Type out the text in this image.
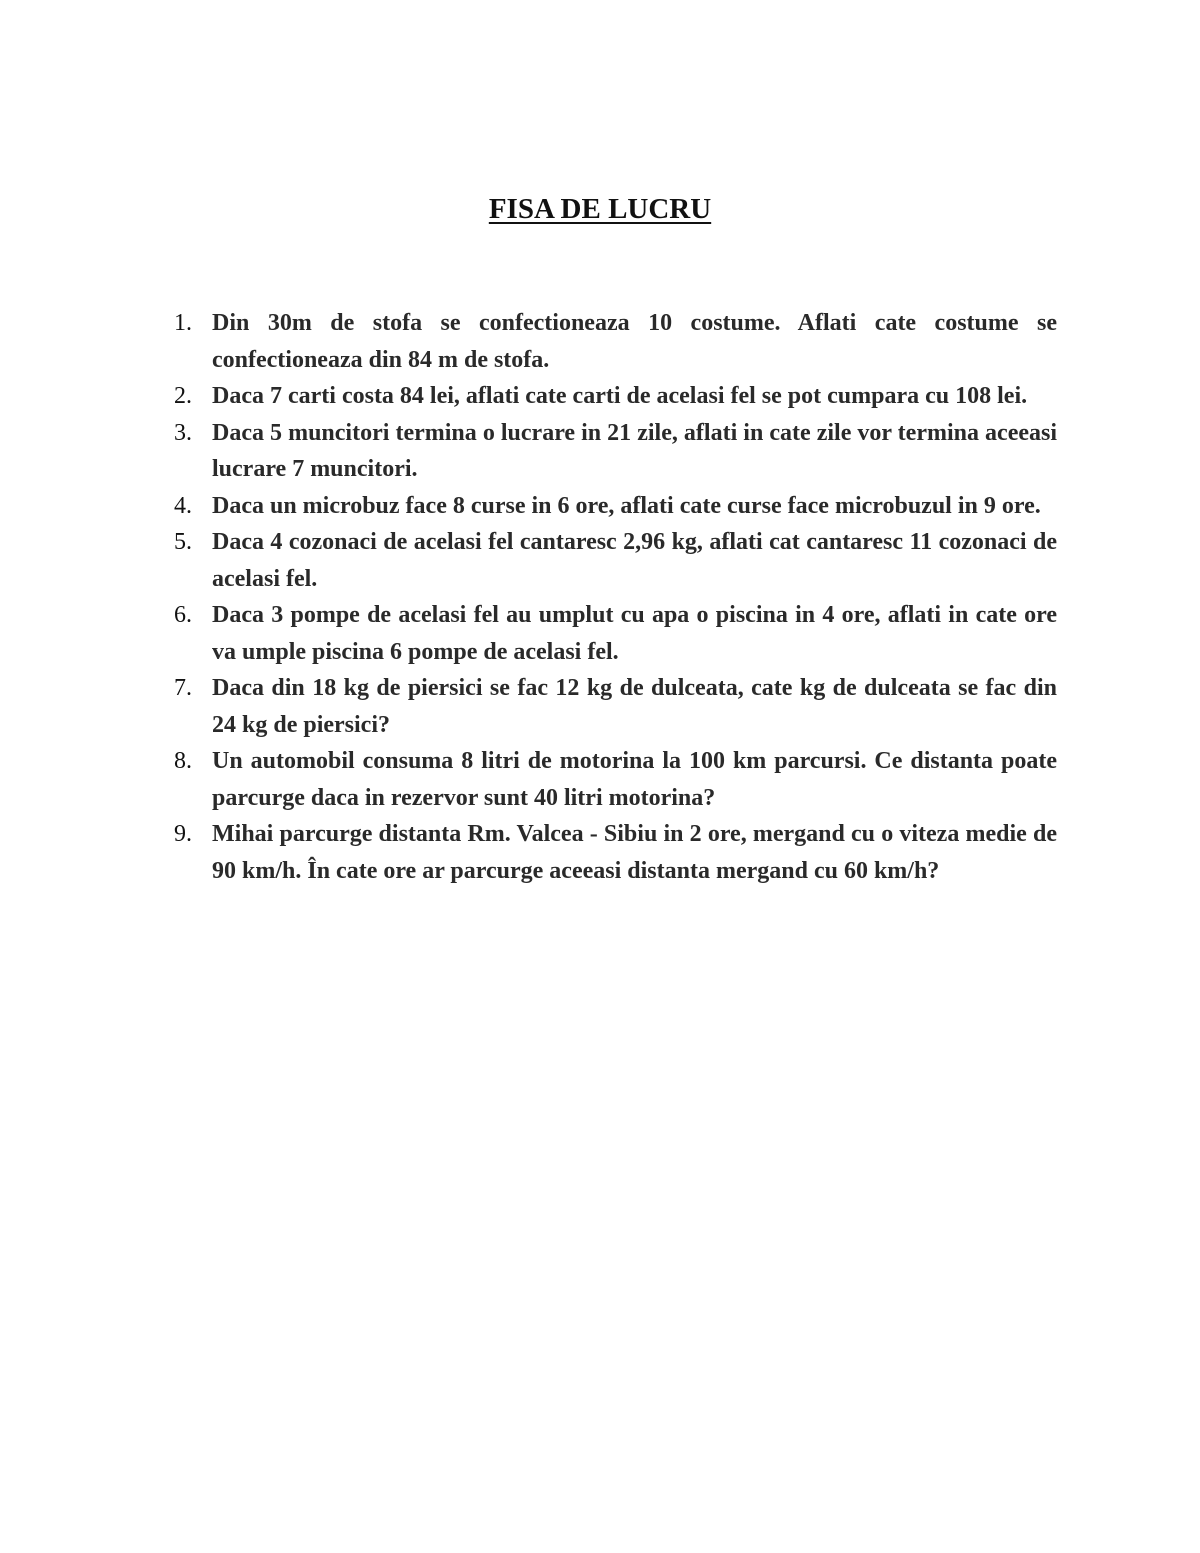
FISA DE LUCRU
1. Din 30m de stofa se confectioneaza 10 costume. Aflati cate costume se confectioneaza din 84 m de stofa.
2. Daca 7 carti costa 84 lei, aflati cate carti de acelasi fel se pot cumpara cu 108 lei.
3. Daca 5 muncitori termina o lucrare in 21 zile, aflati in cate zile vor termina aceeasi lucrare 7 muncitori.
4. Daca un microbuz face 8 curse in 6 ore, aflati cate curse face microbuzul in 9 ore.
5. Daca 4 cozonaci de acelasi fel cantaresc 2,96 kg, aflati cat cantaresc 11 cozonaci de acelasi fel.
6. Daca 3 pompe de acelasi fel au umplut cu apa o piscina in 4 ore, aflati in cate ore va umple piscina 6 pompe de acelasi fel.
7. Daca din 18 kg de piersici se fac 12 kg de dulceata, cate kg de dulceata se fac din 24 kg de piersici?
8. Un automobil consuma 8 litri de motorina la 100 km parcursi. Ce distanta poate parcurge daca in rezervor sunt 40 litri motorina?
9. Mihai parcurge distanta Rm. Valcea - Sibiu in 2 ore, mergand cu o viteza medie de 90 km/h. În cate ore ar parcurge aceeasi distanta mergand cu 60 km/h?
